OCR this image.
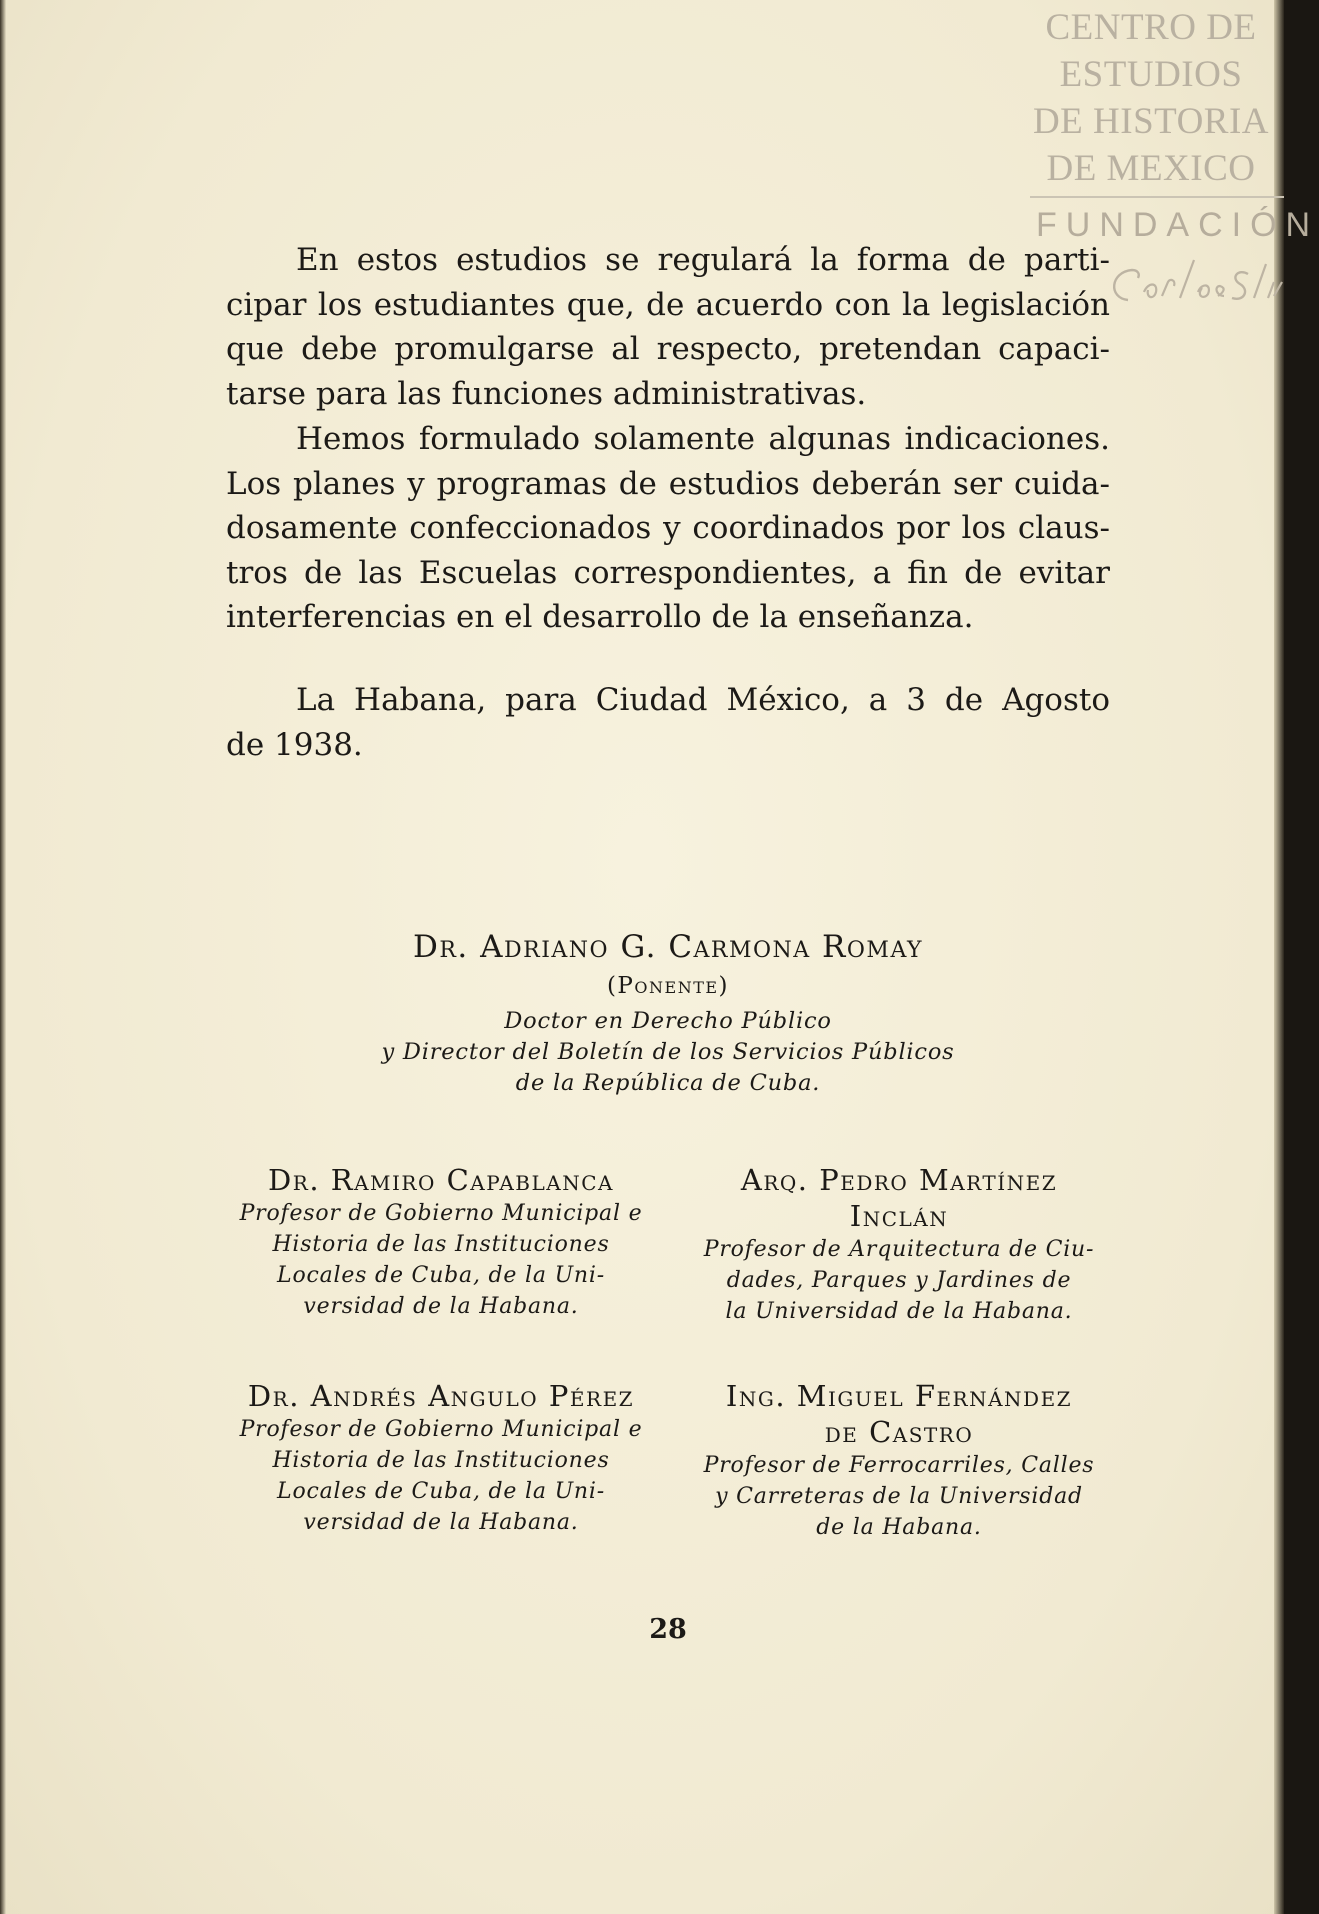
CENTRO DE
ESTUDIOS
DE HISTORIA
DE MEXICO
FUNDACIÓN
En estos estudios se regulará la forma de parti-
cipar los estudiantes que, de acuerdo con la legislación
que debe promulgarse al respecto, pretendan capaci-
tarse para las funciones administrativas.
Hemos formulado solamente algunas indicaciones.
Los planes y programas de estudios deberán ser cuida-
dosamente confeccionados y coordinados por los claus-
tros de las Escuelas correspondientes, a fin de evitar
interferencias en el desarrollo de la enseñanza.
La Habana, para Ciudad México, a 3 de Agosto
de 1938.
Dr. Adriano G. Carmona Romay
(Ponente)
Doctor en Derecho Público
y Director del Boletín de los Servicios Públicos
de la República de Cuba.
Dr. Ramiro Capablanca
Profesor de Gobierno Municipal e
Historia de las Instituciones
Locales de Cuba, de la Uni-
versidad de la Habana.
Arq. Pedro Martínez
Inclán
Profesor de Arquitectura de Ciu-
dades, Parques y Jardines de
la Universidad de la Habana.
Dr. Andrés Angulo Pérez
Profesor de Gobierno Municipal e
Historia de las Instituciones
Locales de Cuba, de la Uni-
versidad de la Habana.
Ing. Miguel Fernández
de Castro
Profesor de Ferrocarriles, Calles
y Carreteras de la Universidad
de la Habana.
28
